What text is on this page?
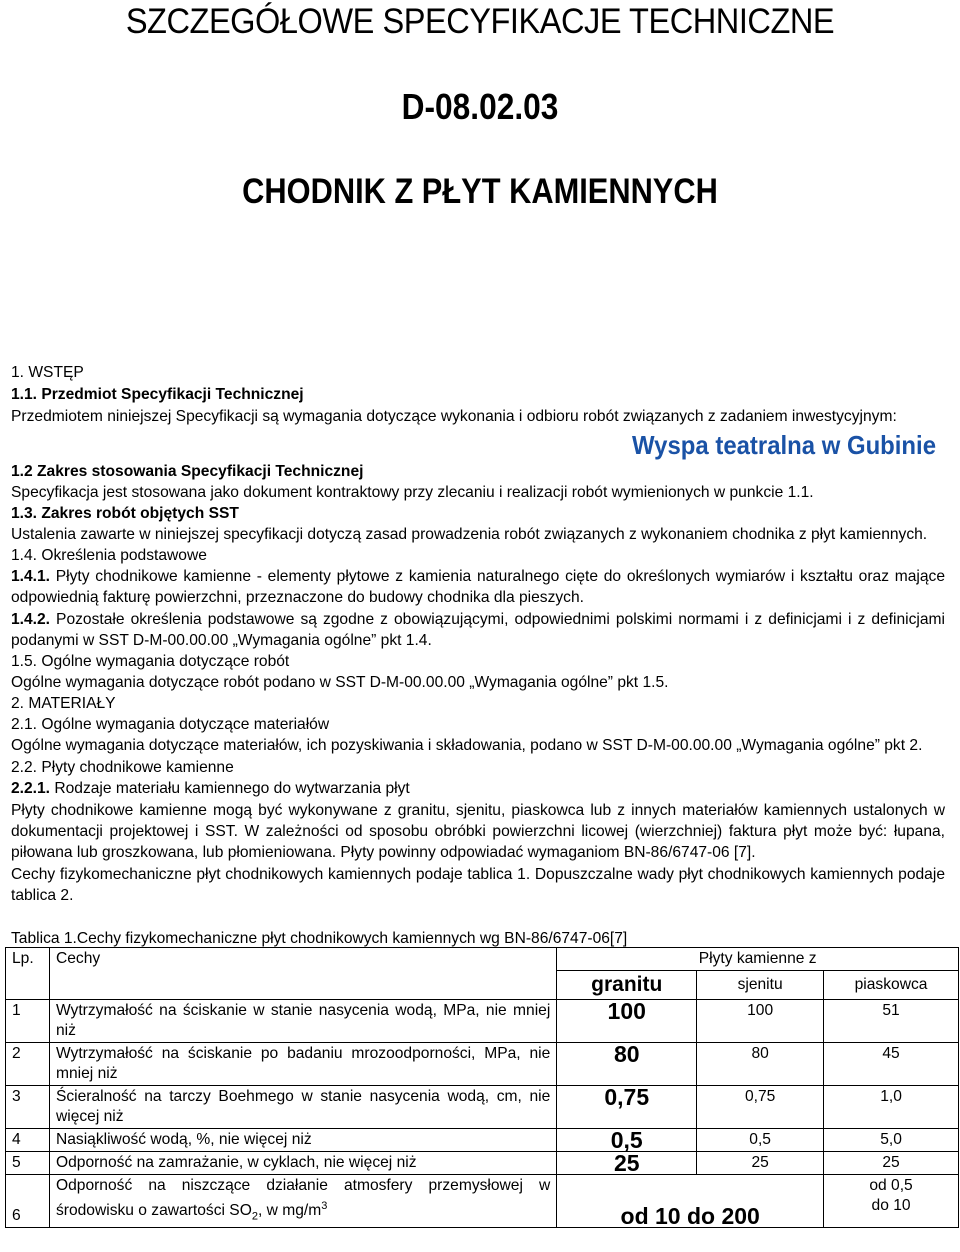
SZCZEGÓŁOWE SPECYFIKACJE TECHNICZNE
D-08.02.03
CHODNIK Z PŁYT KAMIENNYCH
1. WSTĘP
1.1. Przedmiot Specyfikacji Technicznej
Przedmiotem niniejszej Specyfikacji są wymagania dotyczące wykonania i odbioru robót związanych z zadaniem inwestycyjnym:
Wyspa teatralna w Gubinie
1.2 Zakres stosowania Specyfikacji Technicznej
Specyfikacja jest stosowana jako dokument kontraktowy przy zlecaniu i realizacji robót wymienionych w punkcie 1.1.
1.3. Zakres robót objętych SST
Ustalenia zawarte w niniejszej specyfikacji dotyczą zasad prowadzenia robót związanych z wykonaniem chodnika z płyt kamiennych.
1.4. Określenia podstawowe
1.4.1. Płyty chodnikowe kamienne - elementy płytowe z kamienia naturalnego cięte do określonych wymiarów i kształtu oraz mające odpowiednią fakturę powierzchni, przeznaczone do budowy chodnika dla pieszych.
1.4.2. Pozostałe określenia podstawowe są zgodne z obowiązującymi, odpowiednimi polskimi normami i z definicjami i z definicjami podanymi w SST D-M-00.00.00 „Wymagania ogólne” pkt 1.4.
1.5. Ogólne wymagania dotyczące robót
Ogólne wymagania dotyczące robót podano w SST D-M-00.00.00 „Wymagania ogólne” pkt 1.5.
2. MATERIAŁY
2.1. Ogólne wymagania dotyczące materiałów
Ogólne wymagania dotyczące materiałów, ich pozyskiwania i składowania, podano w SST D-M-00.00.00 „Wymagania ogólne” pkt 2.
2.2. Płyty chodnikowe kamienne
2.2.1. Rodzaje materiału kamiennego do wytwarzania płyt
Płyty chodnikowe kamienne mogą być wykonywane z granitu, sjenitu, piaskowca lub z innych materiałów kamiennych ustalonych w dokumentacji projektowej i SST. W zależności od sposobu obróbki powierzchni licowej (wierzchniej) faktura płyt może być: łupana, piłowana lub groszkowana, lub płomieniowana. Płyty powinny odpowiadać wymaganiom BN-86/6747-06 [7].
Cechy fizykomechaniczne płyt chodnikowych kamiennych podaje tablica 1. Dopuszczalne wady płyt chodnikowych kamiennych podaje tablica 2.
Tablica 1.Cechy fizykomechaniczne płyt chodnikowych kamiennych wg BN-86/6747-06[7]
Lp.	Cechy	Płyty kamienne z		
		granitu	sjenitu	piaskowca
1	Wytrzymałość na ściskanie w stanie nasycenia wodą, MPa, nie mniej niż	100	100	51
2	Wytrzymałość na ściskanie po badaniu mrozoodporności, MPa, nie mniej niż	80	80	45
3	Ścieralność na tarczy Boehmego w stanie nasycenia wodą, cm, nie więcej niż	0,75	0,75	1,0
4	Nasiąkliwość wodą, %, nie więcej niż	0,5	0,5	5,0
5	Odporność na zamrażanie, w cyklach, nie więcej niż	25	25	25
6	Odporność na niszczące działanie atmosfery przemysłowej w środowisku o zawartości $SO_2$, w $mg/m^3$	od 10 do 200		od 0,5
do 10
